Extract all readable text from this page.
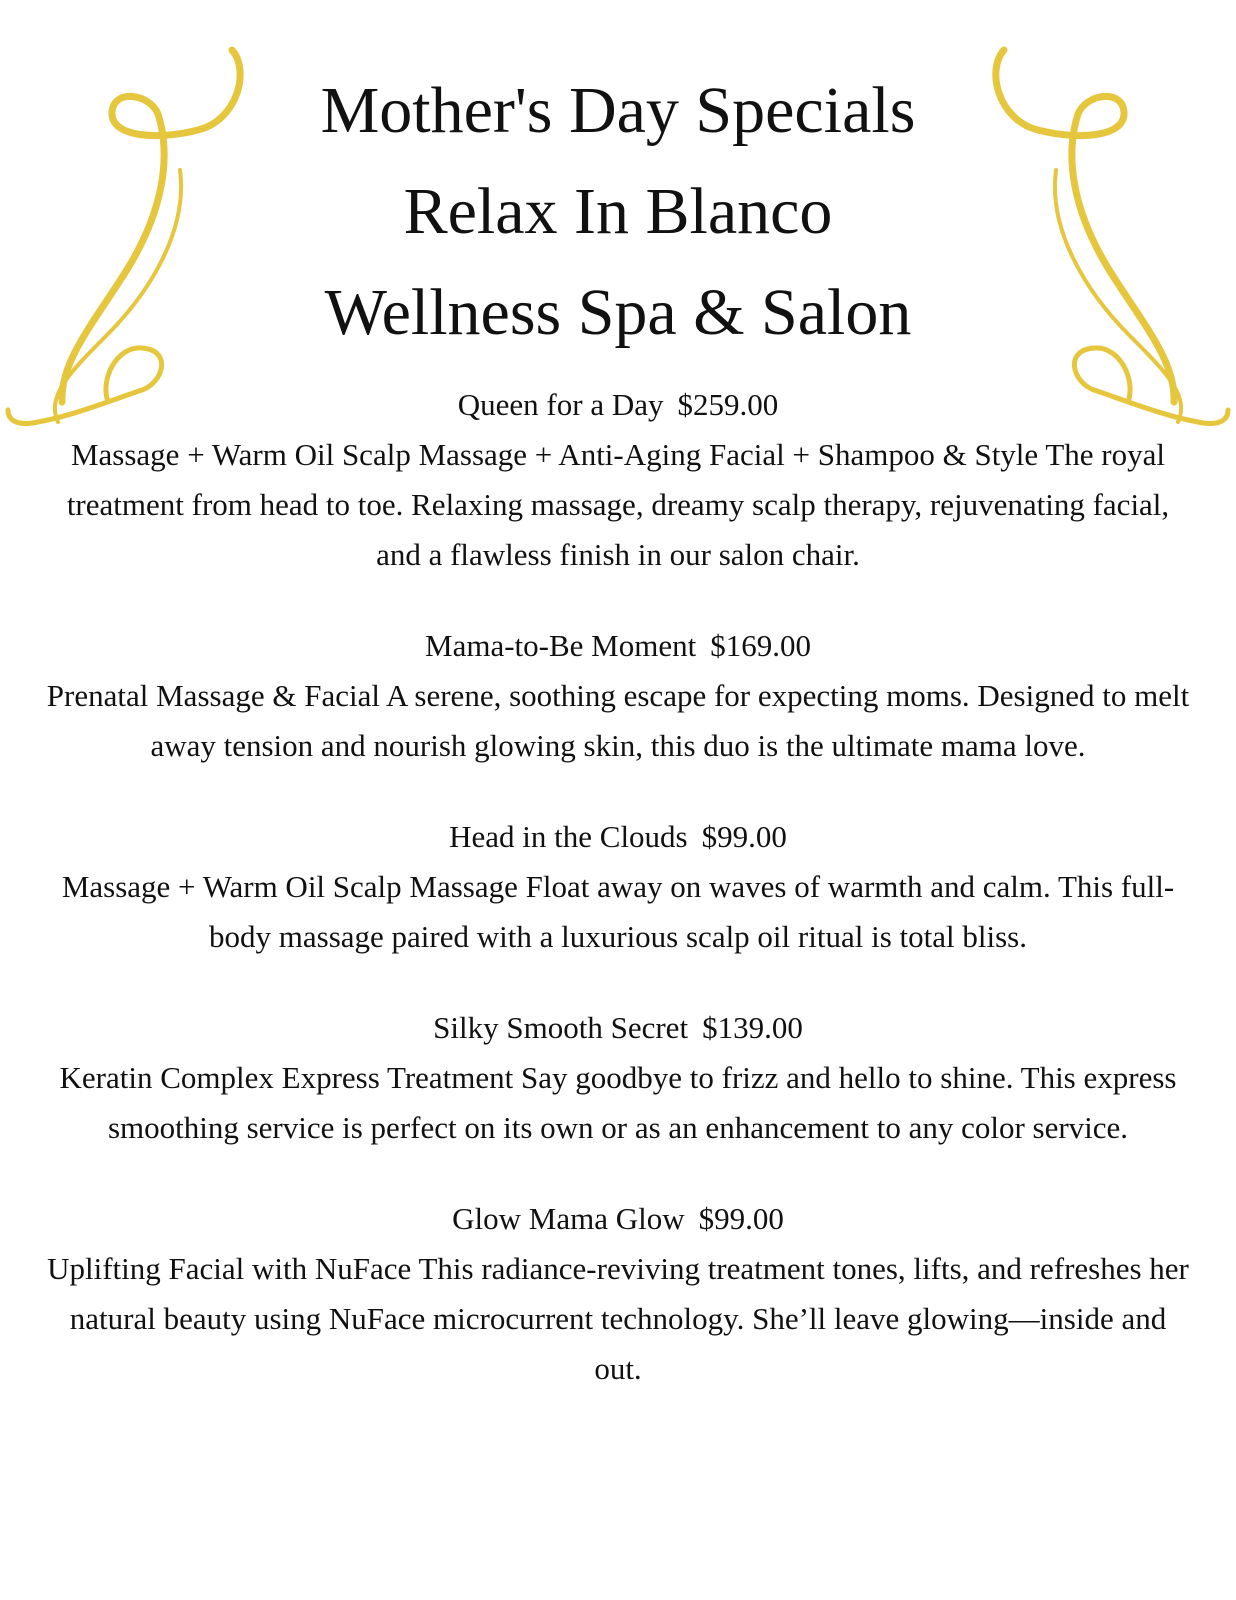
Mother's Day Specials
Relax In Blanco
Wellness Spa & Salon
Queen for a Day $259.00

Massage + Warm Oil Scalp Massage + Anti-Aging Facial + Shampoo & Style The royal treatment from head to toe. Relaxing massage, dreamy scalp therapy, rejuvenating facial, and a flawless finish in our salon chair.

Mama-to-Be Moment $169.00

Prenatal Massage & Facial A serene, soothing escape for expecting moms. Designed to melt away tension and nourish glowing skin, this duo is the ultimate mama love.

Head in the Clouds $99.00

Massage + Warm Oil Scalp Massage Float away on waves of warmth and calm. This full-body massage paired with a luxurious scalp oil ritual is total bliss.

Silky Smooth Secret $139.00

Keratin Complex Express Treatment Say goodbye to frizz and hello to shine. This express smoothing service is perfect on its own or as an enhancement to any color service.

Glow Mama Glow $99.00

Uplifting Facial with NuFace This radiance-reviving treatment tones, lifts, and refreshes her natural beauty using NuFace microcurrent technology. She’ll leave glowing—inside and out.
